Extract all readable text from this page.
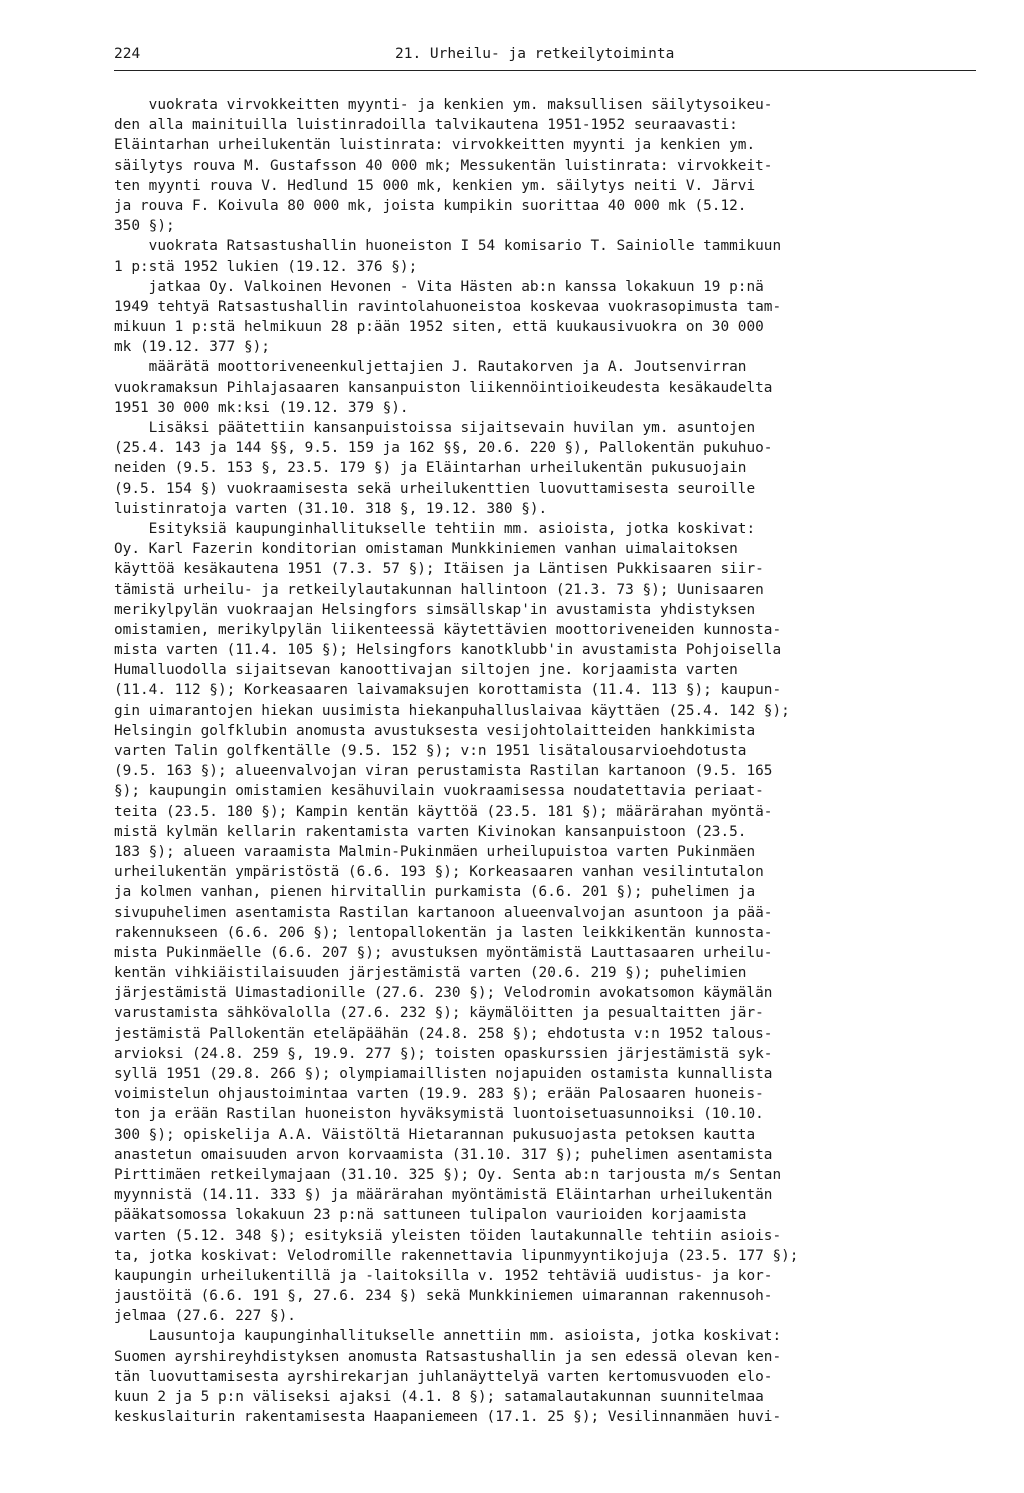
224	21. Urheilu- ja retkeilytoiminta
vuokrata virvokkeitten myynti- ja kenkien ym. maksullisen säilytysoikeu-
den alla mainituilla luistinradoilla talvikautena 1951-1952 seuraavasti:
Eläintarhan urheilukentän luistinrata: virvokkeitten myynti ja kenkien ym.
säilytys rouva M. Gustafsson 40 000 mk; Messukentän luistinrata: virvokkeit-
ten myynti rouva V. Hedlund 15 000 mk, kenkien ym. säilytys neiti V. Järvi
ja rouva F. Koivula 80 000 mk, joista kumpikin suorittaa 40 000 mk (5.12.
350 §);
vuokrata Ratsastushallin huoneiston I 54 komisario T. Sainiolle tammikuun
1 p:stä 1952 lukien (19.12. 376 §);
jatkaa Oy. Valkoinen Hevonen - Vita Hästen ab:n kanssa lokakuun 19 p:nä
1949 tehtyä Ratsastushallin ravintolahuoneistoa koskevaa vuokrasopimusta tam-
mikuun 1 p:stä helmikuun 28 p:ään 1952 siten, että kuukausivuokra on 30 000
mk (19.12. 377 §);
määrätä moottoriveneenkuljettajien J. Rautakorven ja A. Joutsenvirran
vuokramaksun Pihlajasaaren kansanpuiston liikennöintioikeudesta kesäkaudelta
1951 30 000 mk:ksi (19.12. 379 §).
Lisäksi päätettiin kansanpuistoissa sijaitsevain huvilan ym. asuntojen
(25.4. 143 ja 144 §§, 9.5. 159 ja 162 §§, 20.6. 220 §), Pallokentän pukuhuo-
neiden (9.5. 153 §, 23.5. 179 §) ja Eläintarhan urheilukentän pukusuojain
(9.5. 154 §) vuokraamisesta sekä urheilukenttien luovuttamisesta seuroille
luistinratoja varten (31.10. 318 §, 19.12. 380 §).
Esityksiä kaupunginhallitukselle tehtiin mm. asioista, jotka koskivat:
Oy. Karl Fazerin konditorian omistaman Munkkiniemen vanhan uimalaitoksen
käyttöä kesäkautena 1951 (7.3. 57 §); Itäisen ja Läntisen Pukkisaaren siir-
tämistä urheilu- ja retkeilylautakunnan hallintoon (21.3. 73 §); Uunisaaren
merikylpylän vuokraajan Helsingfors simsällskap'in avustamista yhdistyksen
omistamien, merikylpylän liikenteessä käytettävien moottoriveneiden kunnosta-
mista varten (11.4. 105 §); Helsingfors kanotklubb'in avustamista Pohjoisella
Humalluodolla sijaitsevan kanoottivajan siltojen jne. korjaamista varten
(11.4. 112 §); Korkeasaaren laivamaksujen korottamista (11.4. 113 §); kaupun-
gin uimarantojen hiekan uusimista hiekanpuhalluslaivaa käyttäen (25.4. 142 §);
Helsingin golfklubin anomusta avustuksesta vesijohtolaitteiden hankkimista
varten Talin golfkentälle (9.5. 152 §); v:n 1951 lisätalousarvioehdotusta
(9.5. 163 §); alueenvalvojan viran perustamista Rastilan kartanoon (9.5. 165
§); kaupungin omistamien kesähuvilain vuokraamisessa noudatettavia periaat-
teita (23.5. 180 §); Kampin kentän käyttöä (23.5. 181 §); määrärahan myöntä-
mistä kylmän kellarin rakentamista varten Kivinokan kansanpuistoon (23.5.
183 §); alueen varaamista Malmin-Pukinmäen urheilupuistoa varten Pukinmäen
urheilukentän ympäristöstä (6.6. 193 §); Korkeasaaren vanhan vesilintutalon
ja kolmen vanhan, pienen hirvitallin purkamista (6.6. 201 §); puhelimen ja
sivupuhelimen asentamista Rastilan kartanoon alueenvalvojan asuntoon ja pää-
rakennukseen (6.6. 206 §); lentopallokentän ja lasten leikkikentän kunnosta-
mista Pukinmäelle (6.6. 207 §); avustuksen myöntämistä Lauttasaaren urheilu-
kentän vihkiäistilaisuuden järjestämistä varten (20.6. 219 §); puhelimien
järjestämistä Uimastadionille (27.6. 230 §); Velodromin avokatsomon käymälän
varustamista sähkövalolla (27.6. 232 §); käymälöitten ja pesualtaitten jär-
jestämistä Pallokentän eteläpäähän (24.8. 258 §); ehdotusta v:n 1952 talous-
arvioksi (24.8. 259 §, 19.9. 277 §); toisten opaskurssien järjestämistä syk-
syllä 1951 (29.8. 266 §); olympiamaillisten nojapuiden ostamista kunnallista
voimistelun ohjaustoimintaa varten (19.9. 283 §); erään Palosaaren huoneis-
ton ja erään Rastilan huoneiston hyväksymistä luontoisetuasunnoiksi (10.10.
300 §); opiskelija A.A. Väistöltä Hietarannan pukusuojasta petoksen kautta
anastetun omaisuuden arvon korvaamista (31.10. 317 §); puhelimen asentamista
Pirttimäen retkeilymajaan (31.10. 325 §); Oy. Senta ab:n tarjousta m/s Sentan
myynnistä (14.11. 333 §) ja määrärahan myöntämistä Eläintarhan urheilukentän
pääkatsomossa lokakuun 23 p:nä sattuneen tulipalon vaurioiden korjaamista
varten (5.12. 348 §); esityksiä yleisten töiden lautakunnalle tehtiin asiois-
ta, jotka koskivat: Velodromille rakennettavia lipunmyyntikojuja (23.5. 177 §);
kaupungin urheilukentillä ja -laitoksilla v. 1952 tehtäviä uudistus- ja kor-
jaustöitä (6.6. 191 §, 27.6. 234 §) sekä Munkkiniemen uimarannan rakennusoh-
jelmaa (27.6. 227 §).
Lausuntoja kaupunginhallitukselle annettiin mm. asioista, jotka koskivat:
Suomen ayrshireyhdistyksen anomusta Ratsastushallin ja sen edessä olevan ken-
tän luovuttamisesta ayrshirekarjan juhlanäyttelyä varten kertomusvuoden elo-
kuun 2 ja 5 p:n väliseksi ajaksi (4.1. 8 §); satamalautakunnan suunnitelmaa
keskuslaiturin rakentamisesta Haapaniemeen (17.1. 25 §); Vesilinnanmäen huvi-
